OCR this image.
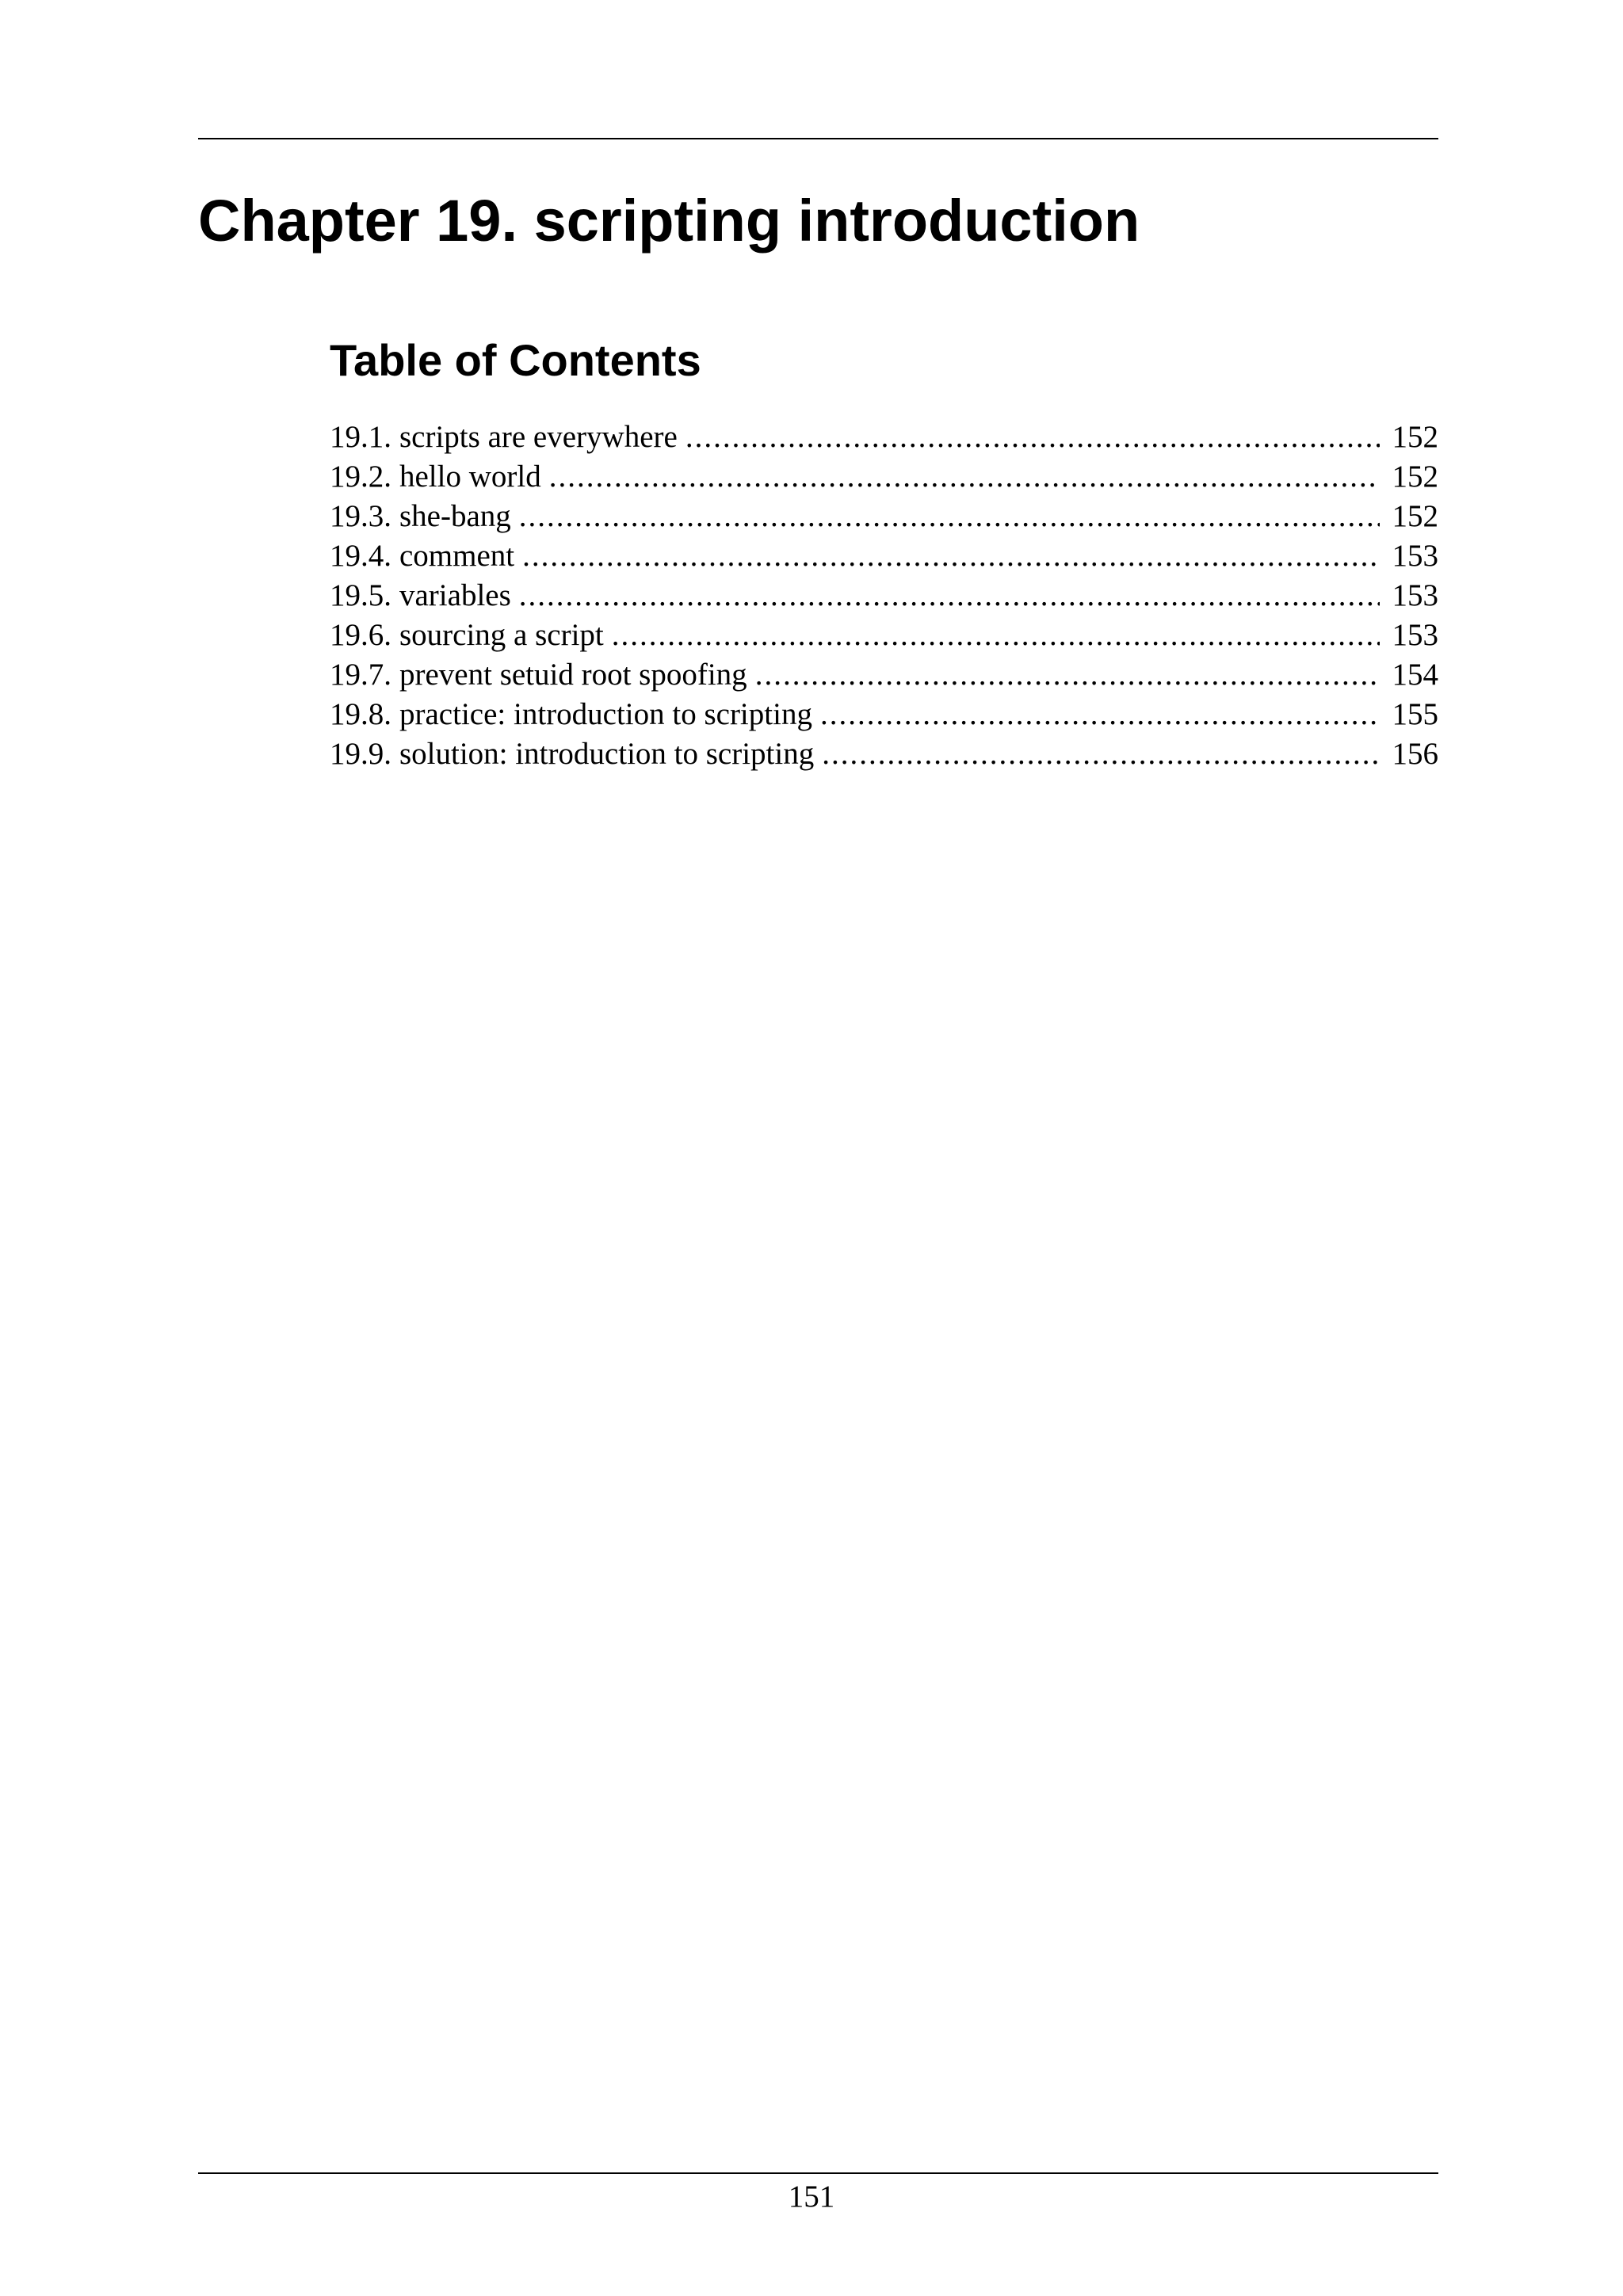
Chapter 19. scripting introduction
Table of Contents
19.1. scripts are everywhere .....	152
19.2. hello world .....	152
19.3. she-bang .....	152
19.4. comment .....	153
19.5. variables .....	153
19.6. sourcing a script .....	153
19.7. prevent setuid root spoofing .....	154
19.8. practice: introduction to scripting .....	155
19.9. solution: introduction to scripting .....	156
151
